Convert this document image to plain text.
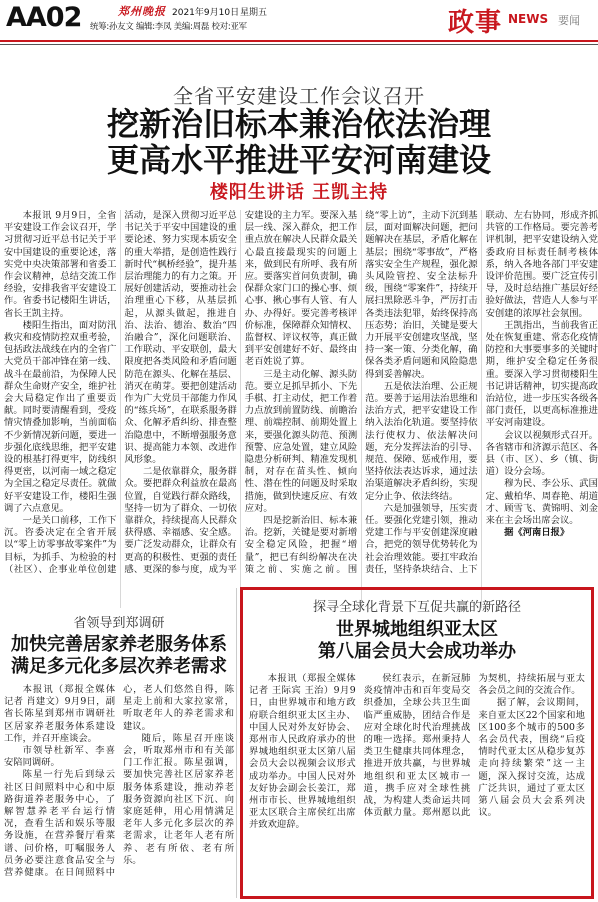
AA02	郑州晚报 2021年9月10日 星期五
统筹:孙友文 编辑:李凤 美编:周磊 校对:亚军	政事 NEWS 要闻
全省平安建设工作会议召开
挖新治旧标本兼治依法治理
更高水平推进平安河南建设
楼阳生讲话 王凯主持

本报讯 9月9日，全省平安建设工作会议召开，学习贯彻习近平总书记关于平安中国建设的重要论述，落实党中央决策部署和省委工作会议精神，总结交流工作经验，安排我省平安建设工作。省委书记楼阳生讲话，省长王凯主持。

楼阳生指出，面对防汛救灾和疫情防控双重考验，包括政法战线在内的全省广大党员干部冲锋在第一线、战斗在最前沿，为保障人民群众生命财产安全，维护社会大局稳定作出了重要贡献。同时要清醒看到，受疫情灾情叠加影响，当前面临不少新情况新问题，要进一步强化底线思维，把平安建设的根基打得更牢，防线织得更密，以河南一域之稳定为全国之稳定尽责任。就做好平安建设工作，楼阳生强调了六点意见。

一是关口前移，工作下沉。咨委决定在全省开展以“零上访零事故零案件”为目标，为抓手、为检验的村（社区）、企事业单位创建活动，是深入贯彻习近平总书记关于平安中国建设的重要论述、努力实现本质安全的重大举措，是创造性践行新时代“枫桥经验”，提升基层治理能力的有力之策。开展好创建活动，要推动社会治理重心下移，从基层抓起，从源头做起，推进自治、法治、德治、数治“四治融合”，深化问题联治、工作联动、平安联创，最大限度把各类风险和矛盾问题防范在源头、化解在基层、消灭在萌芽。要把创建活动作为广大党员干部能力作风的“练兵场”，在联系服务群众、化解矛盾纠纷、排查整治隐患中，不断增强服务意识、提高能力本领、改进作风形象。

二是依靠群众，服务群众。要把群众利益放在最高位置，自觉践行群众路线，坚持一切为了群众、一切依靠群众，持续提高人民群众获得感、幸福感、安全感。要广泛发动群众，让群众有更高的积极性、更强的责任感、更深的参与度，成为平安建设的主力军。要深入基层一线、深入群众，把工作重点放在解决人民群众最关心最直接最现实的问题上来，做到民有所呼、我有所应。要落实首问负责制，确保群众家门口的操心事、烦心事、揪心事有人管、有人办、办得好。要完善考核评价标准，保障群众知情权、监督权、评议权等，真正做到平安创建好不好、最终由老百姓说了算。

三是主动化解、源头防范。要立足抓早抓小、下先手棋、打主动仗，把工作着力点放到前置防线、前瞻治理、前端控制、前期处置上来，要强化源头防范、预测预警、应急处置，建立风险隐患分析研判、精准发现机制，对存在苗头性、倾向性、潜在性的问题及时采取措施，做到快速反应、有效应对。

四是挖新治旧、标本兼治。挖新，关键是要对新增安全稳定风险，把握“增量”，把已有纠纷解决在决策之前、实施之前。围绕“零上访”，主动下沉到基层，面对面解决问题，把问题解决在基层，矛盾化解在基层；围绕“零事故”，严格落实安全生产规程，强化源头风险管控、安全法标升级，围绕“零案件”，持续开展扫黑除恶斗争，严厉打击各类违法犯罪，始终保持高压态势；治旧，关键是要大力开展平安创建攻坚战，坚持一案一策、分类化解，确保各类矛盾问题和风险隐患得到妥善解决。

五是依法治理、公正规范。要善于运用法治思维和法治方式，把平安建设工作纳入法治化轨道。要坚持依法行使权力、依法解决问题，充分发挥法治的引导、规范、保障、惩戒作用，要坚持依法表达诉求，通过法治渠道解决矛盾纠纷，实现定分止争、依法终结。

六是加强领导，压实责任。要强化党建引领，推动党建工作与平安创建深度融合，把党的领导优势转化为社会治理效能。要扛牢政治责任，坚持条块结合、上下联动、左右协同，形成齐抓共管的工作格局。要完善考评机制，把平安建设纳入党委政府目标责任制考核体系，纳入各地各部门平安建设评价范围。要广泛宣传引导，及时总结推广基层好经验好做法，营造人人参与平安创建的浓厚社会氛围。

王凯指出，当前我省正处在恢复重建、常态化疫情防控和大事要事多的关键时期，维护安全稳定任务很重。要深入学习贯彻楼阳生书记讲话精神，切实提高政治站位，进一步压实各级各部门责任，以更高标准推进平安河南建设。

会议以视频形式召开。各省辖市和济源示范区、各县（市、区）、乡（镇、街道）设分会场。

穆为民、李公乐、武国定、戴柏华、周春艳、胡道才、顾雪飞、黄锦明、刘金来在主会场出席会议。

据《河南日报》

省领导到郑调研
加快完善居家养老服务体系
满足多元化多层次养老需求

本报讯（郑报全媒体记者 肖建文）9月9日，副省长陈星到郑州市调研社区居家养老服务体系建设工作，并召开座谈会。

市领导杜新军、李喜安陪同调研。

陈星一行先后到绿云社区日间照料中心和中原路街道养老服务中心，了解智慧养老平台运行情况，查看生活和娱乐等服务设施，在营养餐厅看菜谱、问价格，叮嘱服务人员务必要注意食品安全与营养健康。在日间照料中心，老人们悠然自得，陈星走上前和大家拉家常，听取老年人的养老需求和建议。

随后，陈星召开座谈会，听取郑州市和有关部门工作汇报。陈星强调，要加快完善社区居家养老服务体系建设，推动养老服务资源向社区下沉、向家庭延伸，用心用情满足老年人多元化多层次的养老需求，让老年人老有所养、老有所依、老有所乐。

探寻全球化背景下互促共赢的新路径
世界城地组织亚太区
第八届会员大会成功举办

本报讯（郑报全媒体记者 王际宾 王治）9月9日，由世界城市和地方政府联合组织亚太区主办、中国人民对外友好协会、郑州市人民政府承办的世界城地组织亚太区第八届会员大会以视频会议形式成功举办。中国人民对外友好协会副会长姜江，郑州市市长、世界城地组织亚太区联合主席侯红出席并致欢迎辞。

侯红表示，在新冠肺炎疫情冲击和百年变局交织叠加，全球公共卫生面临严重威胁，团结合作是应对全球化时代治理挑战的唯一选择。郑州秉持人类卫生健康共同体理念，推进开放共赢，与世界城地组织和亚太区城市一道，携手应对全球性挑战，为构建人类命运共同体贡献力量。郑州愿以此为契机，持续拓展与亚太各会员之间的交流合作。

据了解，会议期间，来自亚太区22个国家和地区100多个城市的500多名会员代表，围绕“后疫情时代亚太区从稳步复苏走向持续繁荣”这一主题，深入探讨交流，达成广泛共识，通过了亚太区第八届会员大会系列决议。
